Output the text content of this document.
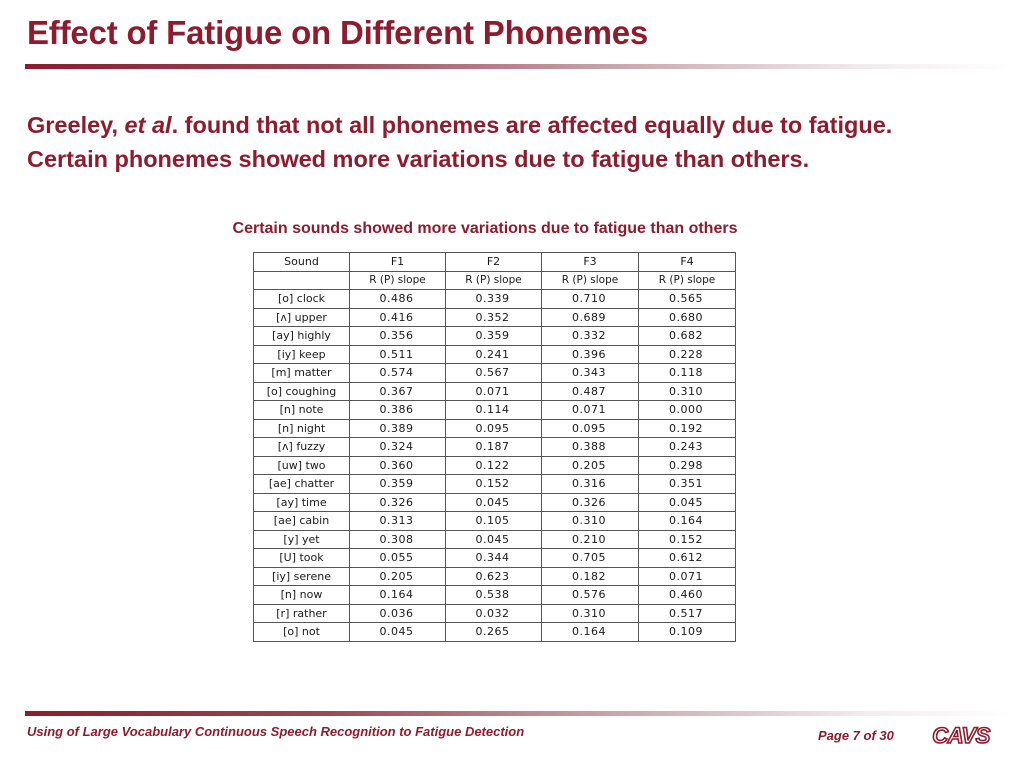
Effect of Fatigue on Different Phonemes
Greeley, et al. found that not all phonemes are affected equally due to fatigue.
Certain phonemes showed more variations due to fatigue than others.
Certain sounds showed more variations due to fatigue than others
Sound	F1	F2	F3	F4
	R (P) slope	R (P) slope	R (P) slope	R (P) slope
[o] clock	0.486	0.339	0.710	0.565
[ʌ] upper	0.416	0.352	0.689	0.680
[ay] highly	0.356	0.359	0.332	0.682
[iy] keep	0.511	0.241	0.396	0.228
[m] matter	0.574	0.567	0.343	0.118
[o] coughing	0.367	0.071	0.487	0.310
[n] note	0.386	0.114	0.071	0.000
[n] night	0.389	0.095	0.095	0.192
[ʌ] fuzzy	0.324	0.187	0.388	0.243
[uw] two	0.360	0.122	0.205	0.298
[ae] chatter	0.359	0.152	0.316	0.351
[ay] time	0.326	0.045	0.326	0.045
[ae] cabin	0.313	0.105	0.310	0.164
[y] yet	0.308	0.045	0.210	0.152
[U] took	0.055	0.344	0.705	0.612
[iy] serene	0.205	0.623	0.182	0.071
[n] now	0.164	0.538	0.576	0.460
[r] rather	0.036	0.032	0.310	0.517
[o] not	0.045	0.265	0.164	0.109
Using of Large Vocabulary Continuous Speech Recognition to Fatigue Detection	Page 7 of 30 CAVS
